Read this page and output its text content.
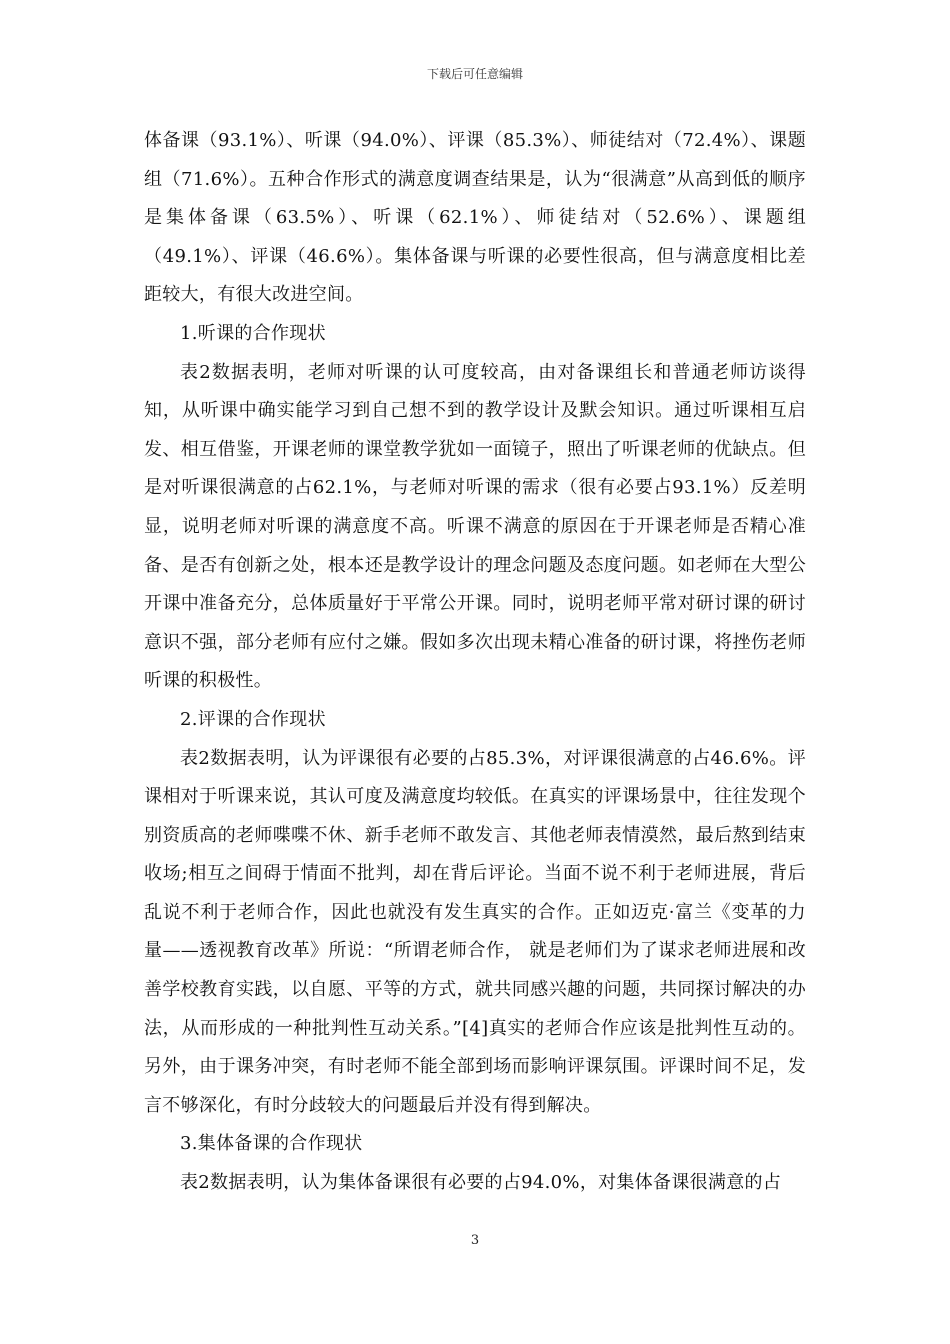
下载后可任意编辑

体备课（93.1%）、听课（94.0%）、评课（85.3%）、师徒结对（72.4%）、课题组（71.6%）。五种合作形式的满意度调查结果是，认为“很满意”从高到低的顺序是集体备课（63.5%）、听课（62.1%）、师徒结对（52.6%）、课题组（49.1%）、评课（46.6%）。集体备课与听课的必要性很高，但与满意度相比差距较大，有很大改进空间。

1.听课的合作现状

表2数据表明，老师对听课的认可度较高，由对备课组长和普通老师访谈得知，从听课中确实能学习到自己想不到的教学设计及默会知识。通过听课相互启发、相互借鉴，开课老师的课堂教学犹如一面镜子，照出了听课老师的优缺点。但是对听课很满意的占62.1%，与老师对听课的需求（很有必要占93.1%）反差明显，说明老师对听课的满意度不高。听课不满意的原因在于开课老师是否精心准备、是否有创新之处，根本还是教学设计的理念问题及态度问题。如老师在大型公开课中准备充分，总体质量好于平常公开课。同时，说明老师平常对研讨课的研讨意识不强，部分老师有应付之嫌。假如多次出现未精心准备的研讨课，将挫伤老师听课的积极性。

2.评课的合作现状

表2数据表明，认为评课很有必要的占85.3%，对评课很满意的占46.6%。评课相对于听课来说，其认可度及满意度均较低。在真实的评课场景中，往往发现个别资质高的老师喋喋不休、新手老师不敢发言、其他老师表情漠然，最后熬到结束收场;相互之间碍于情面不批判，却在背后评论。当面不说不利于老师进展，背后乱说不利于老师合作，因此也就没有发生真实的合作。正如迈克·富兰《变革的力量——透视教育改革》所说：“所谓老师合作， 就是老师们为了谋求老师进展和改善学校教育实践，以自愿、平等的方式，就共同感兴趣的问题，共同探讨解决的办法，从而形成的一种批判性互动关系。”[4]真实的老师合作应该是批判性互动的。另外，由于课务冲突，有时老师不能全部到场而影响评课氛围。评课时间不足，发言不够深化，有时分歧较大的问题最后并没有得到解决。

3.集体备课的合作现状

表2数据表明，认为集体备课很有必要的占94.0%，对集体备课很满意的占

3
